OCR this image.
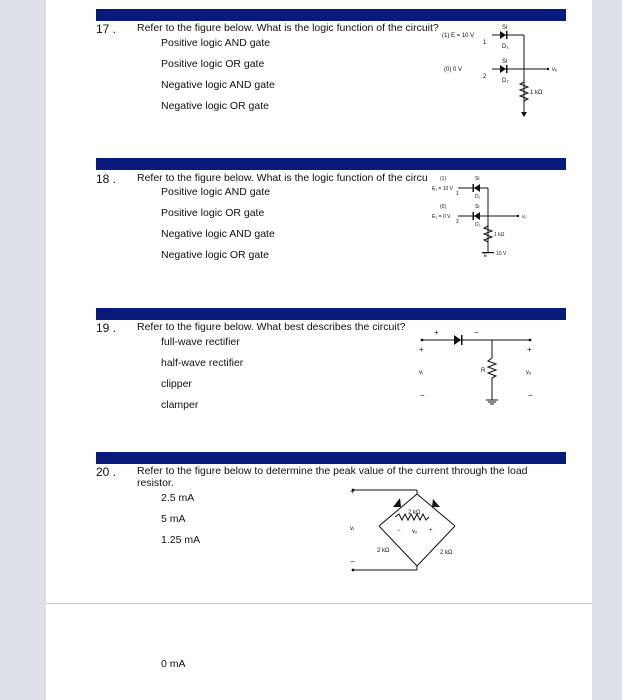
17 . Refer to the figure below. What is the logic function of the circuit?
Positive logic AND gate
Positive logic OR gate
Negative logic AND gate
Negative logic OR gate
(1) E = 10 V
(0) 0 V
1
2
Si
Si
D₁
D₂
1 kΩ
vₒ
18 . Refer to the figure below. What is the logic function of the circu
Positive logic AND gate
Positive logic OR gate
Negative logic AND gate
Negative logic OR gate
E₁ = 10 V
E₂ = 0 V
(1)
(0)
1
2
Si
Si
D₁
D₂
1 kΩ
vₒ
E 10 V
19 . Refer to the figure below. What best describes the circuit?
full-wave rectifier
half-wave rectifier
clipper
clamper
+	−
+	+
vᵢ	vₒ
R
−	−
20 . Refer to the figure below to determine the peak value of the current through the load resistor.
2.5 mA
5 mA
1.25 mA
0 mA
+
vᵢ
−
2 kΩ
− vₒ +
2 kΩ	2 kΩ
